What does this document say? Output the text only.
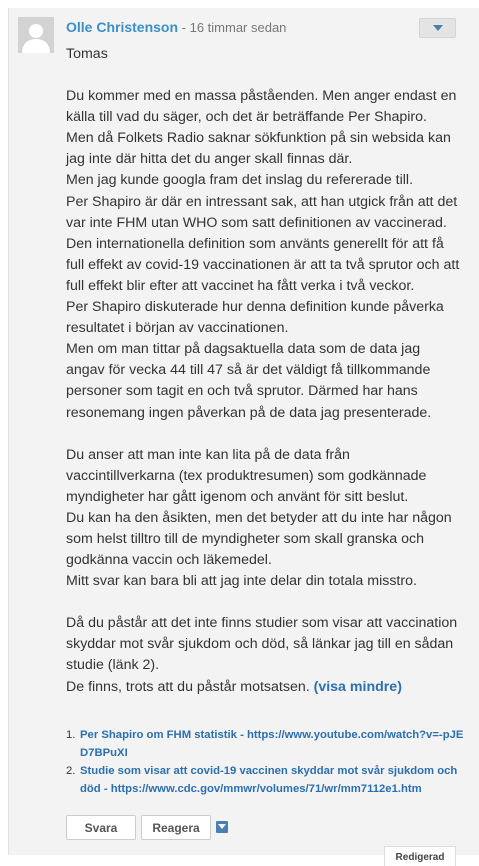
Olle Christenson - 16 timmar sedan

Tomas

Du kommer med en massa påståenden. Men anger endast en källa till vad du säger, och det är beträffande Per Shapiro.
Men då Folkets Radio saknar sökfunktion på sin websida kan jag inte där hitta det du anger skall finnas där.
Men jag kunde googla fram det inslag du refererade till.
Per Shapiro är där en intressant sak, att han utgick från att det var inte FHM utan WHO som satt definitionen av vaccinerad. Den internationella definition som använts generellt för att få full effekt av covid-19 vaccinationen är att ta två sprutor och att full effekt blir efter att vaccinet ha fått verka i två veckor.
Per Shapiro diskuterade hur denna definition kunde påverka resultatet i början av vaccinationen.
Men om man tittar på dagsaktuella data som de data jag angav för vecka 44 till 47 så är det väldigt få tillkommande personer som tagit en och två sprutor. Därmed har hans resonemang ingen påverkan på de data jag presenterade.

Du anser att man inte kan lita på de data från vaccintillverkarna (tex produktresumen) som godkännade myndigheter har gått igenom och använt för sitt beslut.
Du kan ha den åsikten, men det betyder att du inte har någon som helst tilltro till de myndigheter som skall granska och godkänna vaccin och läkemedel.
Mitt svar kan bara bli att jag inte delar din totala misstro.

Då du påstår att det inte finns studier som visar att vaccination skyddar mot svår sjukdom och död, så länkar jag till en sådan studie (länk 2).
De finns, trots att du påstår motsatsen. (visa mindre)

1. Per Shapiro om FHM statistik - https://www.youtube.com/watch?v=-pJED7BPuXI
2. Studie som visar att covid-19 vaccinen skyddar mot svår sjukdom och död - https://www.cdc.gov/mmwr/volumes/71/wr/mm7112e1.htm
Svara	Reagera
Redigerad
